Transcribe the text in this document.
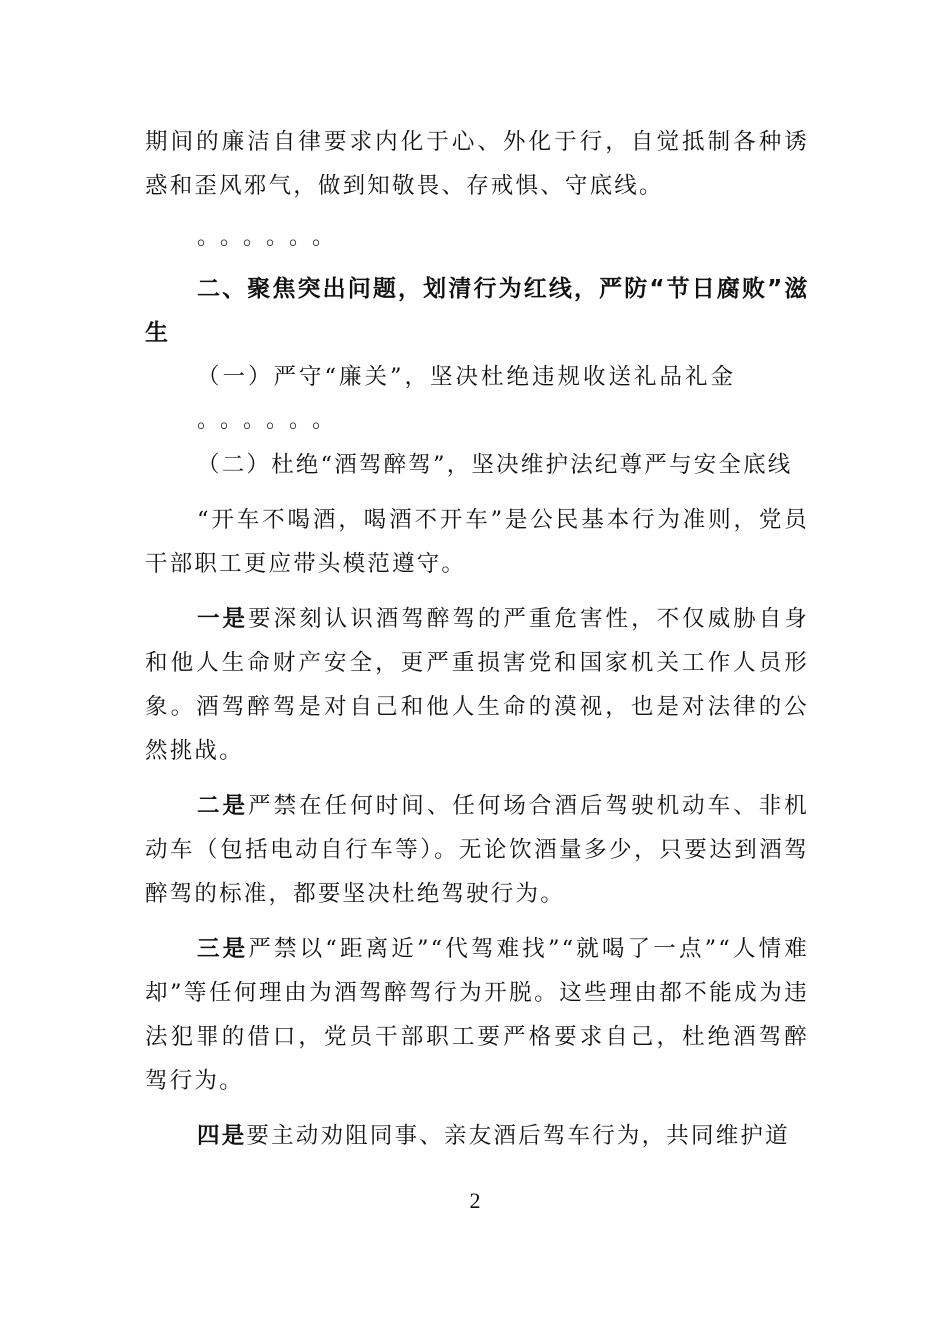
期间的廉洁自律要求内化于心、外化于行，自觉抵制各种诱惑和歪风邪气，做到知敬畏、存戒惧、守底线。

。。。。。。

二、聚焦突出问题，划清行为红线，严防“节日腐败”滋生

（一）严守“廉关”，坚决杜绝违规收送礼品礼金

。。。。。。

（二）杜绝“酒驾醉驾”，坚决维护法纪尊严与安全底线

“开车不喝酒，喝酒不开车”是公民基本行为准则，党员干部职工更应带头模范遵守。

一是要深刻认识酒驾醉驾的严重危害性，不仅威胁自身和他人生命财产安全，更严重损害党和国家机关工作人员形象。酒驾醉驾是对自己和他人生命的漠视，也是对法律的公然挑战。

二是严禁在任何时间、任何场合酒后驾驶机动车、非机动车（包括电动自行车等）。无论饮酒量多少，只要达到酒驾醉驾的标准，都要坚决杜绝驾驶行为。

三是严禁以“距离近”“代驾难找”“就喝了一点”“人情难却”等任何理由为酒驾醉驾行为开脱。这些理由都不能成为违法犯罪的借口，党员干部职工要严格要求自己，杜绝酒驾醉驾行为。

四是要主动劝阻同事、亲友酒后驾车行为，共同维护道

2
